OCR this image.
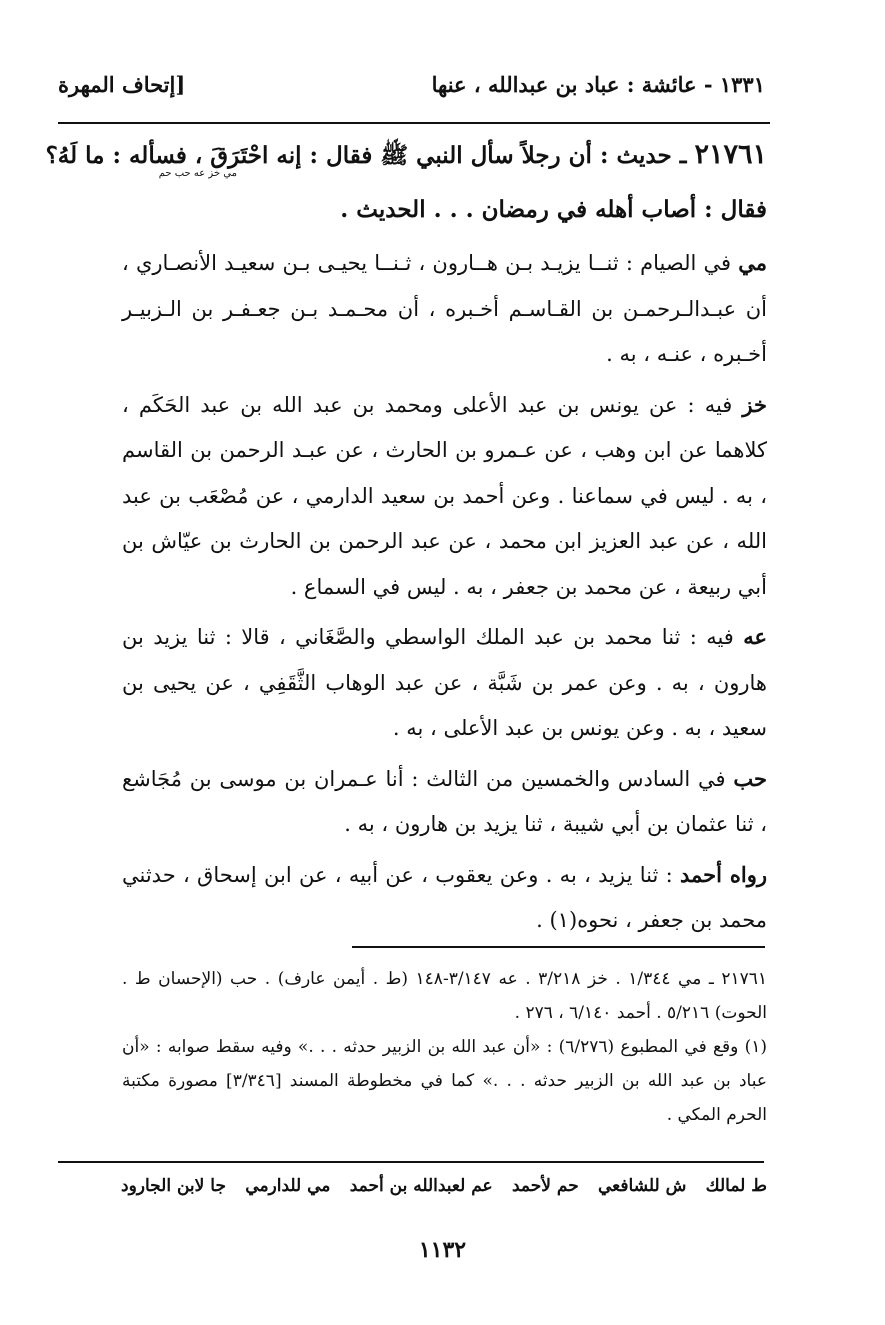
١٣٣١ - عائشة : عباد بن عبدالله ، عنها
[إتحاف المهرة
٢١٧٦١ ـ حديث : أن رجلاً سأل النبي ﷺ فقال : إنه احْتَرَقَ ، فسأله : ما لَهُ؟
مي خز عه حب حم
فقال : أصاب أهله في رمضان . . . الحديث .

مي في الصيام : ثنــا يزيـد بـن هــارون ، ثـنــا يحيـى بـن سعيـد الأنصـاري ، أن عبـدالـرحمـن بن القـاسـم أخـبره ، أن محـمـد بـن جعـفـر بن الـزبيـر أخـبره ، عنـه ، به .

خز فيه : عن يونس بن عبد الأعلى ومحمد بن عبد الله بن عبد الحَكَم ، كلاهما عن ابن وهب ، عن عـمرو بن الحارث ، عن عبـد الرحمن بن القاسم ، به . ليس في سماعنا . وعن أحمد بن سعيد الدارمي ، عن مُصْعَب بن عبد الله ، عن عبد العزيز ابن محمد ، عن عبد الرحمن بن الحارث بن عيّاش بن أبي ربيعة ، عن محمد بن جعفر ، به . ليس في السماع .

عه فيه : ثنا محمد بن عبد الملك الواسطي والصَّغَاني ، قالا : ثنا يزيد بن هارون ، به . وعن عمر بن شَبَّة ، عن عبد الوهاب الثَّقَفِي ، عن يحيى بن سعيد ، به . وعن يونس بن عبد الأعلى ، به .

حب في السادس والخمسين من الثالث : أنا عـمران بن موسى بن مُجَاشع ، ثنا عثمان بن أبي شيبة ، ثنا يزيد بن هارون ، به .

رواه أحمد : ثنا يزيد ، به . وعن يعقوب ، عن أبيه ، عن ابن إسحاق ، حدثني محمد بن جعفر ، نحوه(١) .

٢١٧٦١ ـ مي ١/٣٤٤ . خز ٣/٢١٨ . عه ٣/١٤٧-١٤٨ (ط . أيمن عارف) . حب (الإحسان ط . الحوت) ٥/٢١٦ . أحمد ٦/١٤٠ ، ٢٧٦ .

(١) وقع في المطبوع (٦/٢٧٦) : «أن عبد الله بن الزبير حدثه . . .» وفيه سقط صوابه : «أن عباد بن عبد الله بن الزبير حدثه . . .» كما في مخطوطة المسند [٣/٣٤٦] مصورة مكتبة الحرم المكي .

ط لمالك
ش للشافعي
حم لأحمد
عم لعبدالله بن أحمد
مي للدارمي
جا لابن الجارود
١١٣٢
